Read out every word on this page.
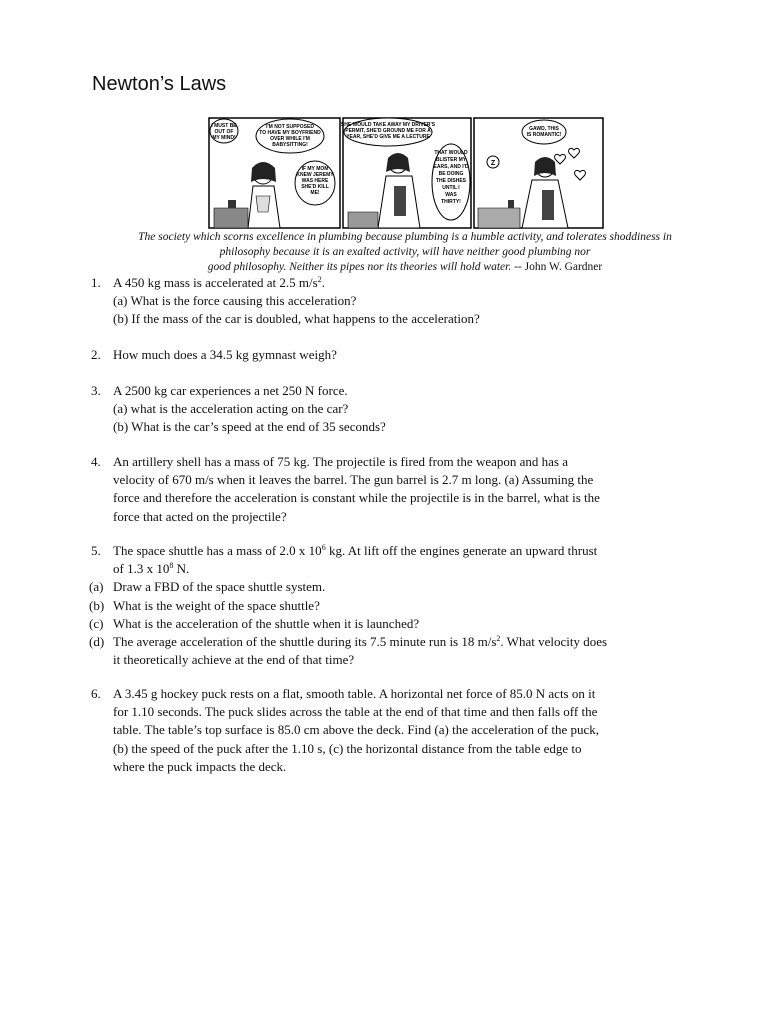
Newton’s Laws
I MUST BE
OUT OF
MY MIND!
I'M NOT SUPPOSED
TO HAVE MY BOYFRIEND
OVER WHILE I'M
BABYSITTING!
IF MY MOM
KNEW JEREMY
WAS HERE
SHE'D KILL
ME!
SHE WOULD TAKE AWAY MY DRIVER'S
PERMIT, SHE'D GROUND ME FOR A
YEAR, SHE'D GIVE ME A LECTURE
THAT WOULD
BLISTER MY
EARS, AND I'D
BE DOING
THE DISHES
UNTIL I
WAS
THIRTY!
GAWD, THIS
IS ROMANTIC!
Z
The society which scorns excellence in plumbing because plumbing is a humble activity, and tolerates shoddiness in
philosophy because it is an exalted activity, will have neither good plumbing nor
good philosophy. Neither its pipes nor its theories will hold water. -- John W. Gardner
1. A 450 kg mass is accelerated at 2.5 $m/s^2$.
(a) What is the force causing this acceleration?
(b) If the mass of the car is doubled, what happens to the acceleration?
2. How much does a 34.5 kg gymnast weigh?
3. A 2500 kg car experiences a net 250 N force.
(a) what is the acceleration acting on the car?
(b) What is the car’s speed at the end of 35 seconds?
4. An artillery shell has a mass of 75 kg. The projectile is fired from the weapon and has a
velocity of 670 m/s when it leaves the barrel. The gun barrel is 2.7 m long. (a) Assuming the
force and therefore the acceleration is constant while the projectile is in the barrel, what is the
force that acted on the projectile?
5. The space shuttle has a mass of 2.0 x $10^6$ kg. At lift off the engines generate an upward thrust
of 1.3 x $10^8$ N.
(a) Draw a FBD of the space shuttle system.
(b) What is the weight of the space shuttle?
(c) What is the acceleration of the shuttle when it is launched?
(d) The average acceleration of the shuttle during its 7.5 minute run is 18 $m/s^2$. What velocity does
it theoretically achieve at the end of that time?
6. A 3.45 g hockey puck rests on a flat, smooth table. A horizontal net force of 85.0 N acts on it
for 1.10 seconds. The puck slides across the table at the end of that time and then falls off the
table. The table’s top surface is 85.0 cm above the deck. Find (a) the acceleration of the puck,
(b) the speed of the puck after the 1.10 s, (c) the horizontal distance from the table edge to
where the puck impacts the deck.
